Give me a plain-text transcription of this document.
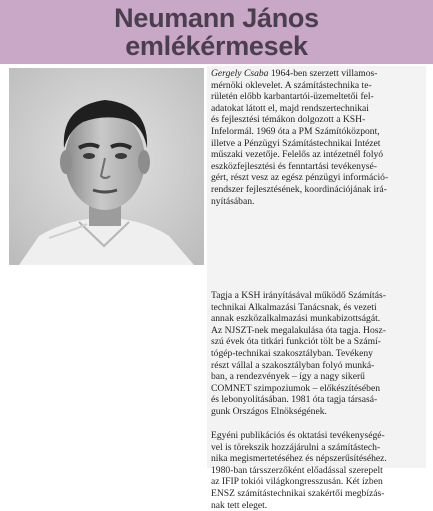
Neumann János
emlékérmesek

Gergely Csaba 1964-ben szerzett villamos-
mérnöki oklevelet. A számítástechnika te-
rületén előbb karbantartói-üzemeltetői fel-
adatokat látott el, majd rendszertechnikai
és fejlesztési témákon dolgozott a KSH-
Infelormál. 1969 óta a PM Számítóközpont,
illetve a Pénzügyi Számítástechnikai Intézet
műszaki vezetője. Felelős az intézetnél folyó
eszközfejlesztési és fenntartási tevékenysé-
gért, részt vesz az egész pénzügyi információ-
rendszer fejlesztésének, koordinációjának irá-
nyításában.

Tagja a KSH irányításával működő Számítás-
technikai Alkalmazási Tanácsnak, és vezeti
annak eszközalkalmazási munkabizottságát.
Az NJSZT-nek megalakulása óta tagja. Hosz-
szú évek óta titkári funkciót tölt be a Számí-
tógép-technikai szakosztályban. Tevékeny
részt vállal a szakosztályban folyó munká-
ban, a rendezvények – így a nagy sikerű
COMNET szimpoziumok – előkészítésében
és lebonyolításában. 1981 óta tagja társasá-
gunk Országos Elnökségének.

Egyéni publikációs és oktatási tevékenységé-
vel is törekszik hozzájárulni a számítástech-
nika megismertetéséhez és népszerűsítéséhez.
1980-ban társszerzőként előadással szerepelt
az IFIP tokiói világkongresszusán. Két ízben
ENSZ számítástechnikai szakértői megbízás-
nak tett eleget.
